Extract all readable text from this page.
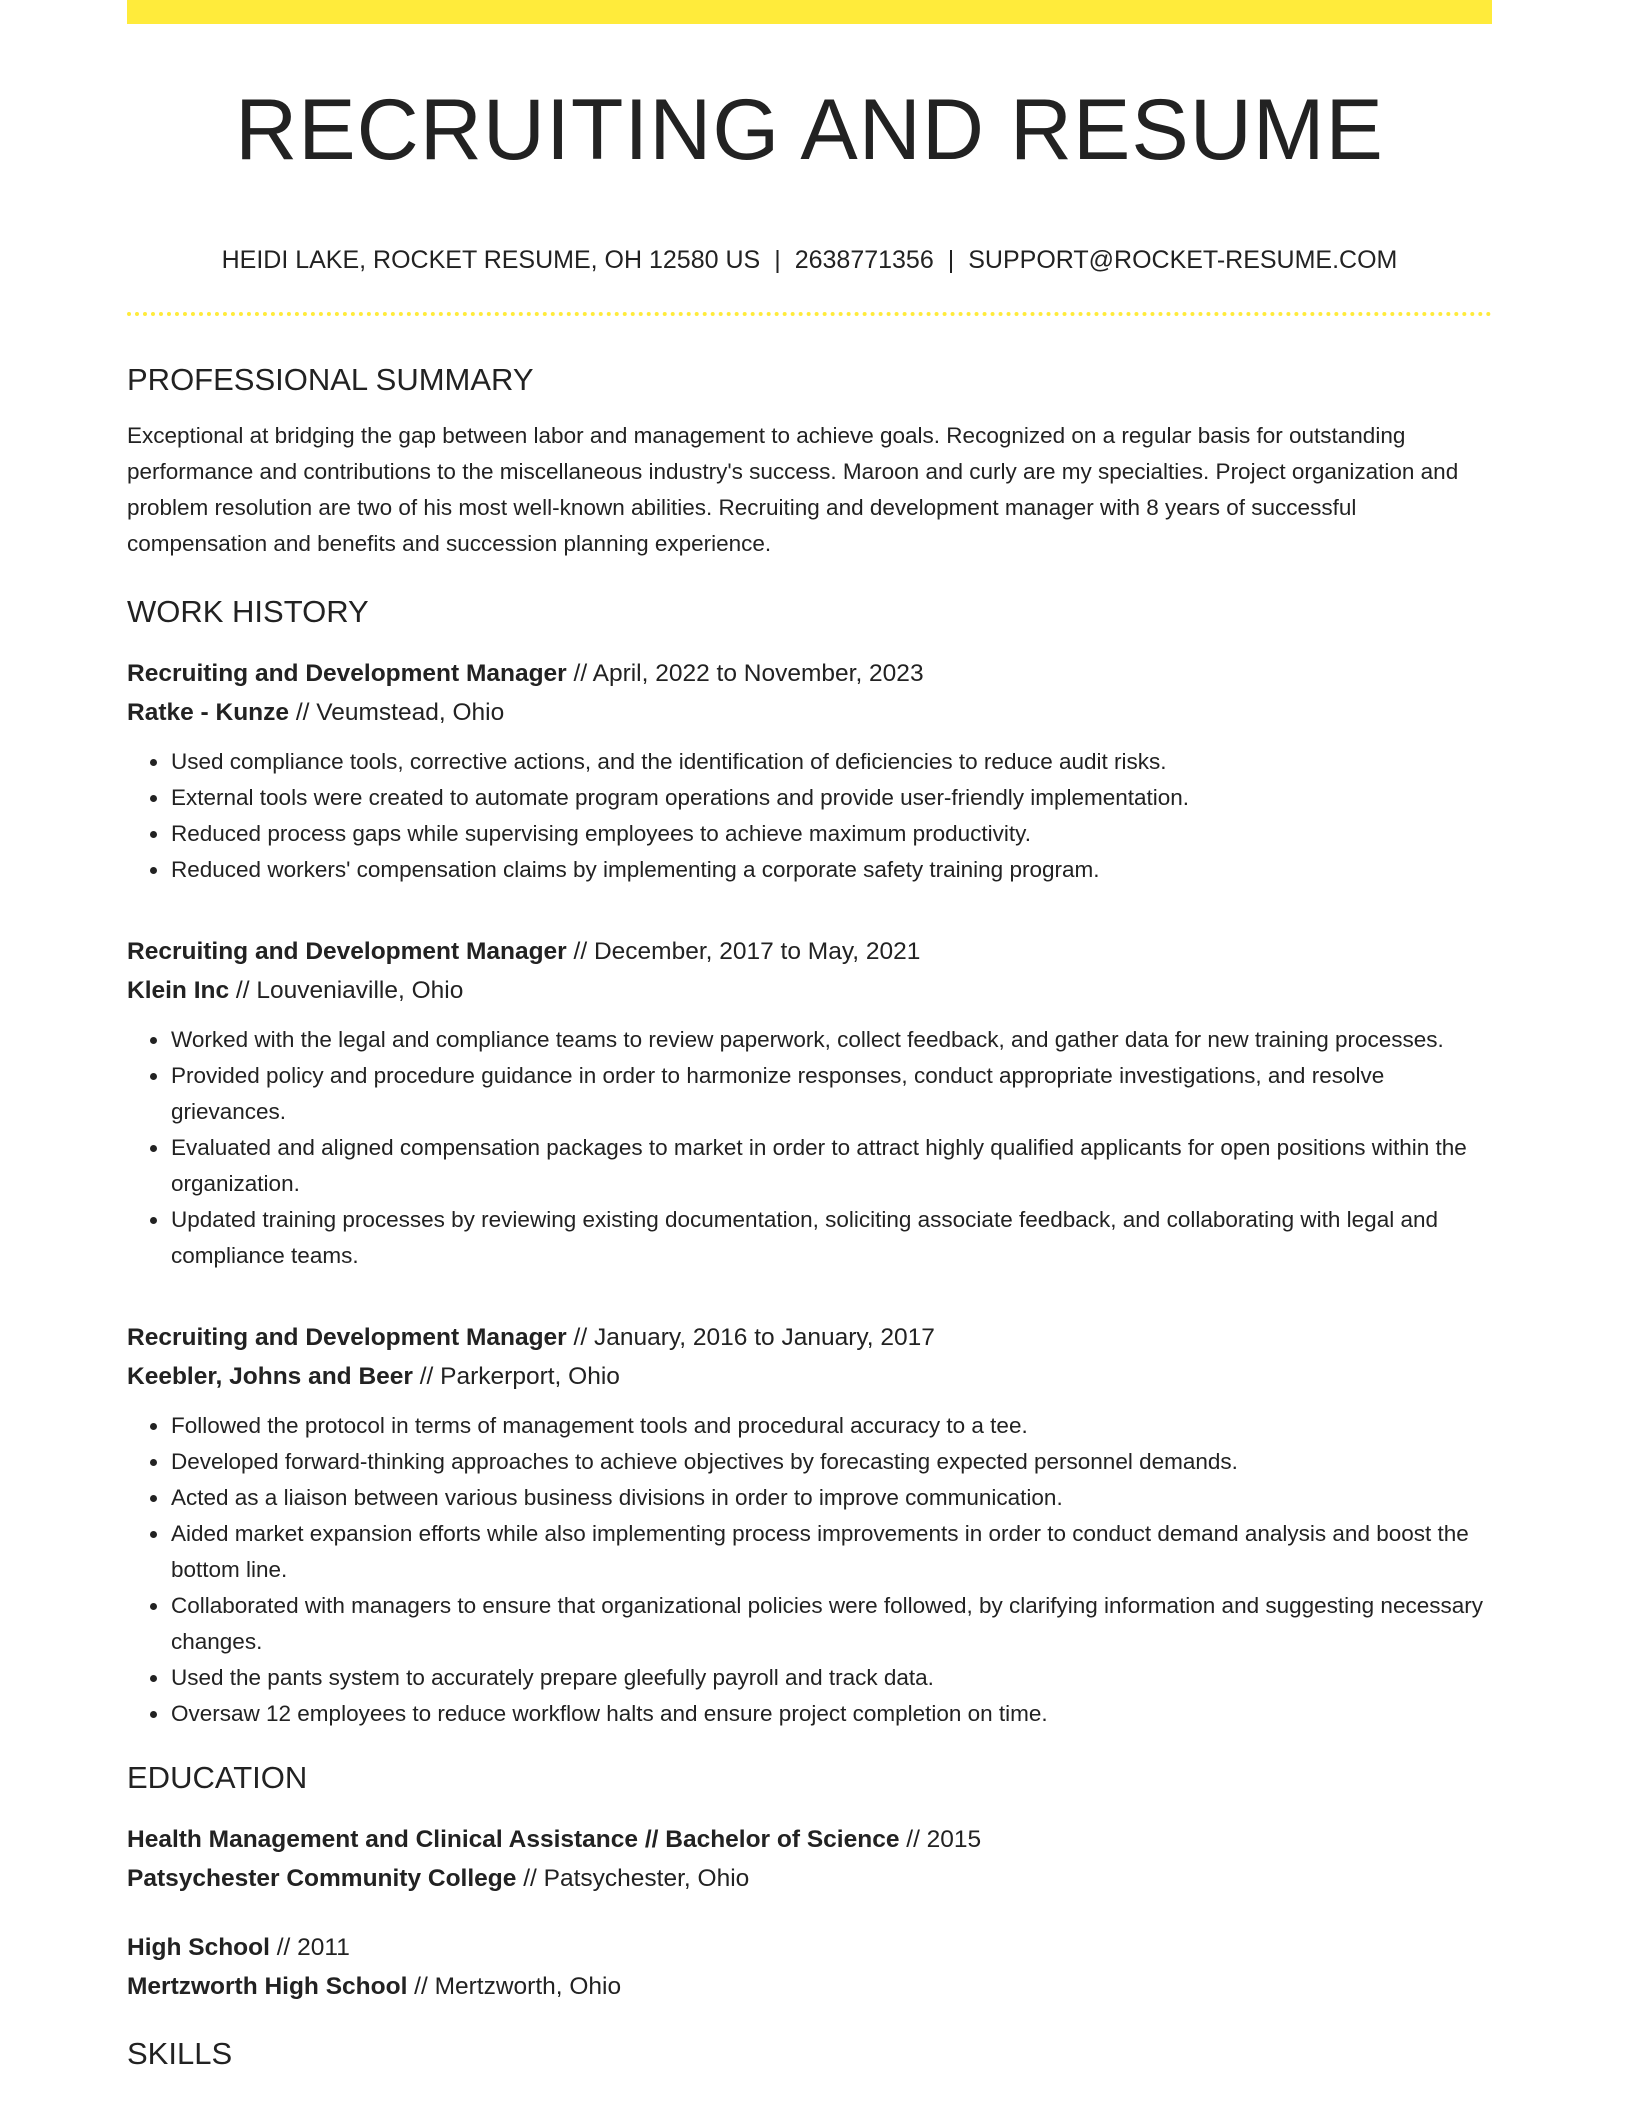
RECRUITING AND RESUME
HEIDI LAKE, ROCKET RESUME, OH 12580 US | 2638771356 | SUPPORT@ROCKET-RESUME.COM
PROFESSIONAL SUMMARY
Exceptional at bridging the gap between labor and management to achieve goals. Recognized on a regular basis for outstanding performance and contributions to the miscellaneous industry's success. Maroon and curly are my specialties. Project organization and problem resolution are two of his most well-known abilities. Recruiting and development manager with 8 years of successful compensation and benefits and succession planning experience.
WORK HISTORY
Recruiting and Development Manager // April, 2022 to November, 2023
Ratke - Kunze // Veumstead, Ohio
• Used compliance tools, corrective actions, and the identification of deficiencies to reduce audit risks.
• External tools were created to automate program operations and provide user-friendly implementation.
• Reduced process gaps while supervising employees to achieve maximum productivity.
• Reduced workers' compensation claims by implementing a corporate safety training program.
Recruiting and Development Manager // December, 2017 to May, 2021
Klein Inc // Louveniaville, Ohio
• Worked with the legal and compliance teams to review paperwork, collect feedback, and gather data for new training processes.
• Provided policy and procedure guidance in order to harmonize responses, conduct appropriate investigations, and resolve grievances.
• Evaluated and aligned compensation packages to market in order to attract highly qualified applicants for open positions within the organization.
• Updated training processes by reviewing existing documentation, soliciting associate feedback, and collaborating with legal and compliance teams.
Recruiting and Development Manager // January, 2016 to January, 2017
Keebler, Johns and Beer // Parkerport, Ohio
• Followed the protocol in terms of management tools and procedural accuracy to a tee.
• Developed forward-thinking approaches to achieve objectives by forecasting expected personnel demands.
• Acted as a liaison between various business divisions in order to improve communication.
• Aided market expansion efforts while also implementing process improvements in order to conduct demand analysis and boost the bottom line.
• Collaborated with managers to ensure that organizational policies were followed, by clarifying information and suggesting necessary changes.
• Used the pants system to accurately prepare gleefully payroll and track data.
• Oversaw 12 employees to reduce workflow halts and ensure project completion on time.
EDUCATION
Health Management and Clinical Assistance // Bachelor of Science // 2015
Patsychester Community College // Patsychester, Ohio
High School // 2011
Mertzworth High School // Mertzworth, Ohio
SKILLS
